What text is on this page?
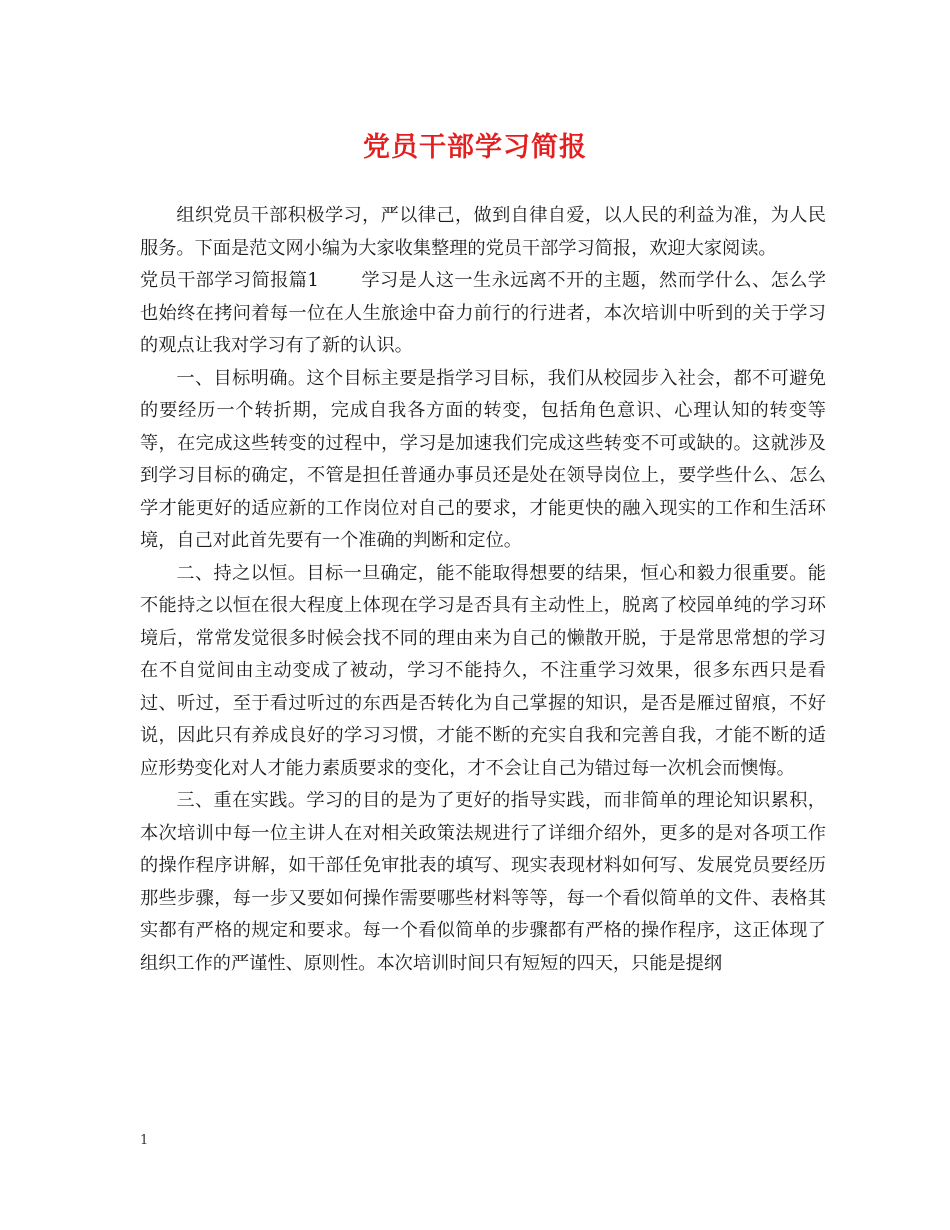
党员干部学习简报

组织党员干部积极学习，严以律己，做到自律自爱，以人民的利益为准，为人民服务。下面是范文网小编为大家收集整理的党员干部学习简报，欢迎大家阅读。

党员干部学习简报篇1 学习是人这一生永远离不开的主题，然而学什么、怎么学也始终在拷问着每一位在人生旅途中奋力前行的行进者，本次培训中听到的关于学习的观点让我对学习有了新的认识。

一、目标明确。这个目标主要是指学习目标，我们从校园步入社会，都不可避免的要经历一个转折期，完成自我各方面的转变，包括角色意识、心理认知的转变等等，在完成这些转变的过程中，学习是加速我们完成这些转变不可或缺的。这就涉及到学习目标的确定，不管是担任普通办事员还是处在领导岗位上，要学些什么、怎么学才能更好的适应新的工作岗位对自己的要求，才能更快的融入现实的工作和生活环境，自己对此首先要有一个准确的判断和定位。

二、持之以恒。目标一旦确定，能不能取得想要的结果，恒心和毅力很重要。能不能持之以恒在很大程度上体现在学习是否具有主动性上，脱离了校园单纯的学习环境后，常常发觉很多时候会找不同的理由来为自己的懒散开脱，于是常思常想的学习在不自觉间由主动变成了被动，学习不能持久，不注重学习效果，很多东西只是看过、听过，至于看过听过的东西是否转化为自己掌握的知识，是否是雁过留痕，不好说，因此只有养成良好的学习习惯，才能不断的充实自我和完善自我，才能不断的适应形势变化对人才能力素质要求的变化，才不会让自己为错过每一次机会而懊悔。

三、重在实践。学习的目的是为了更好的指导实践，而非简单的理论知识累积，本次培训中每一位主讲人在对相关政策法规进行了详细介绍外，更多的是对各项工作的操作程序讲解，如干部任免审批表的填写、现实表现材料如何写、发展党员要经历那些步骤，每一步又要如何操作需要哪些材料等等，每一个看似简单的文件、表格其实都有严格的规定和要求。每一个看似简单的步骤都有严格的操作程序，这正体现了组织工作的严谨性、原则性。本次培训时间只有短短的四天，只能是提纲

1
